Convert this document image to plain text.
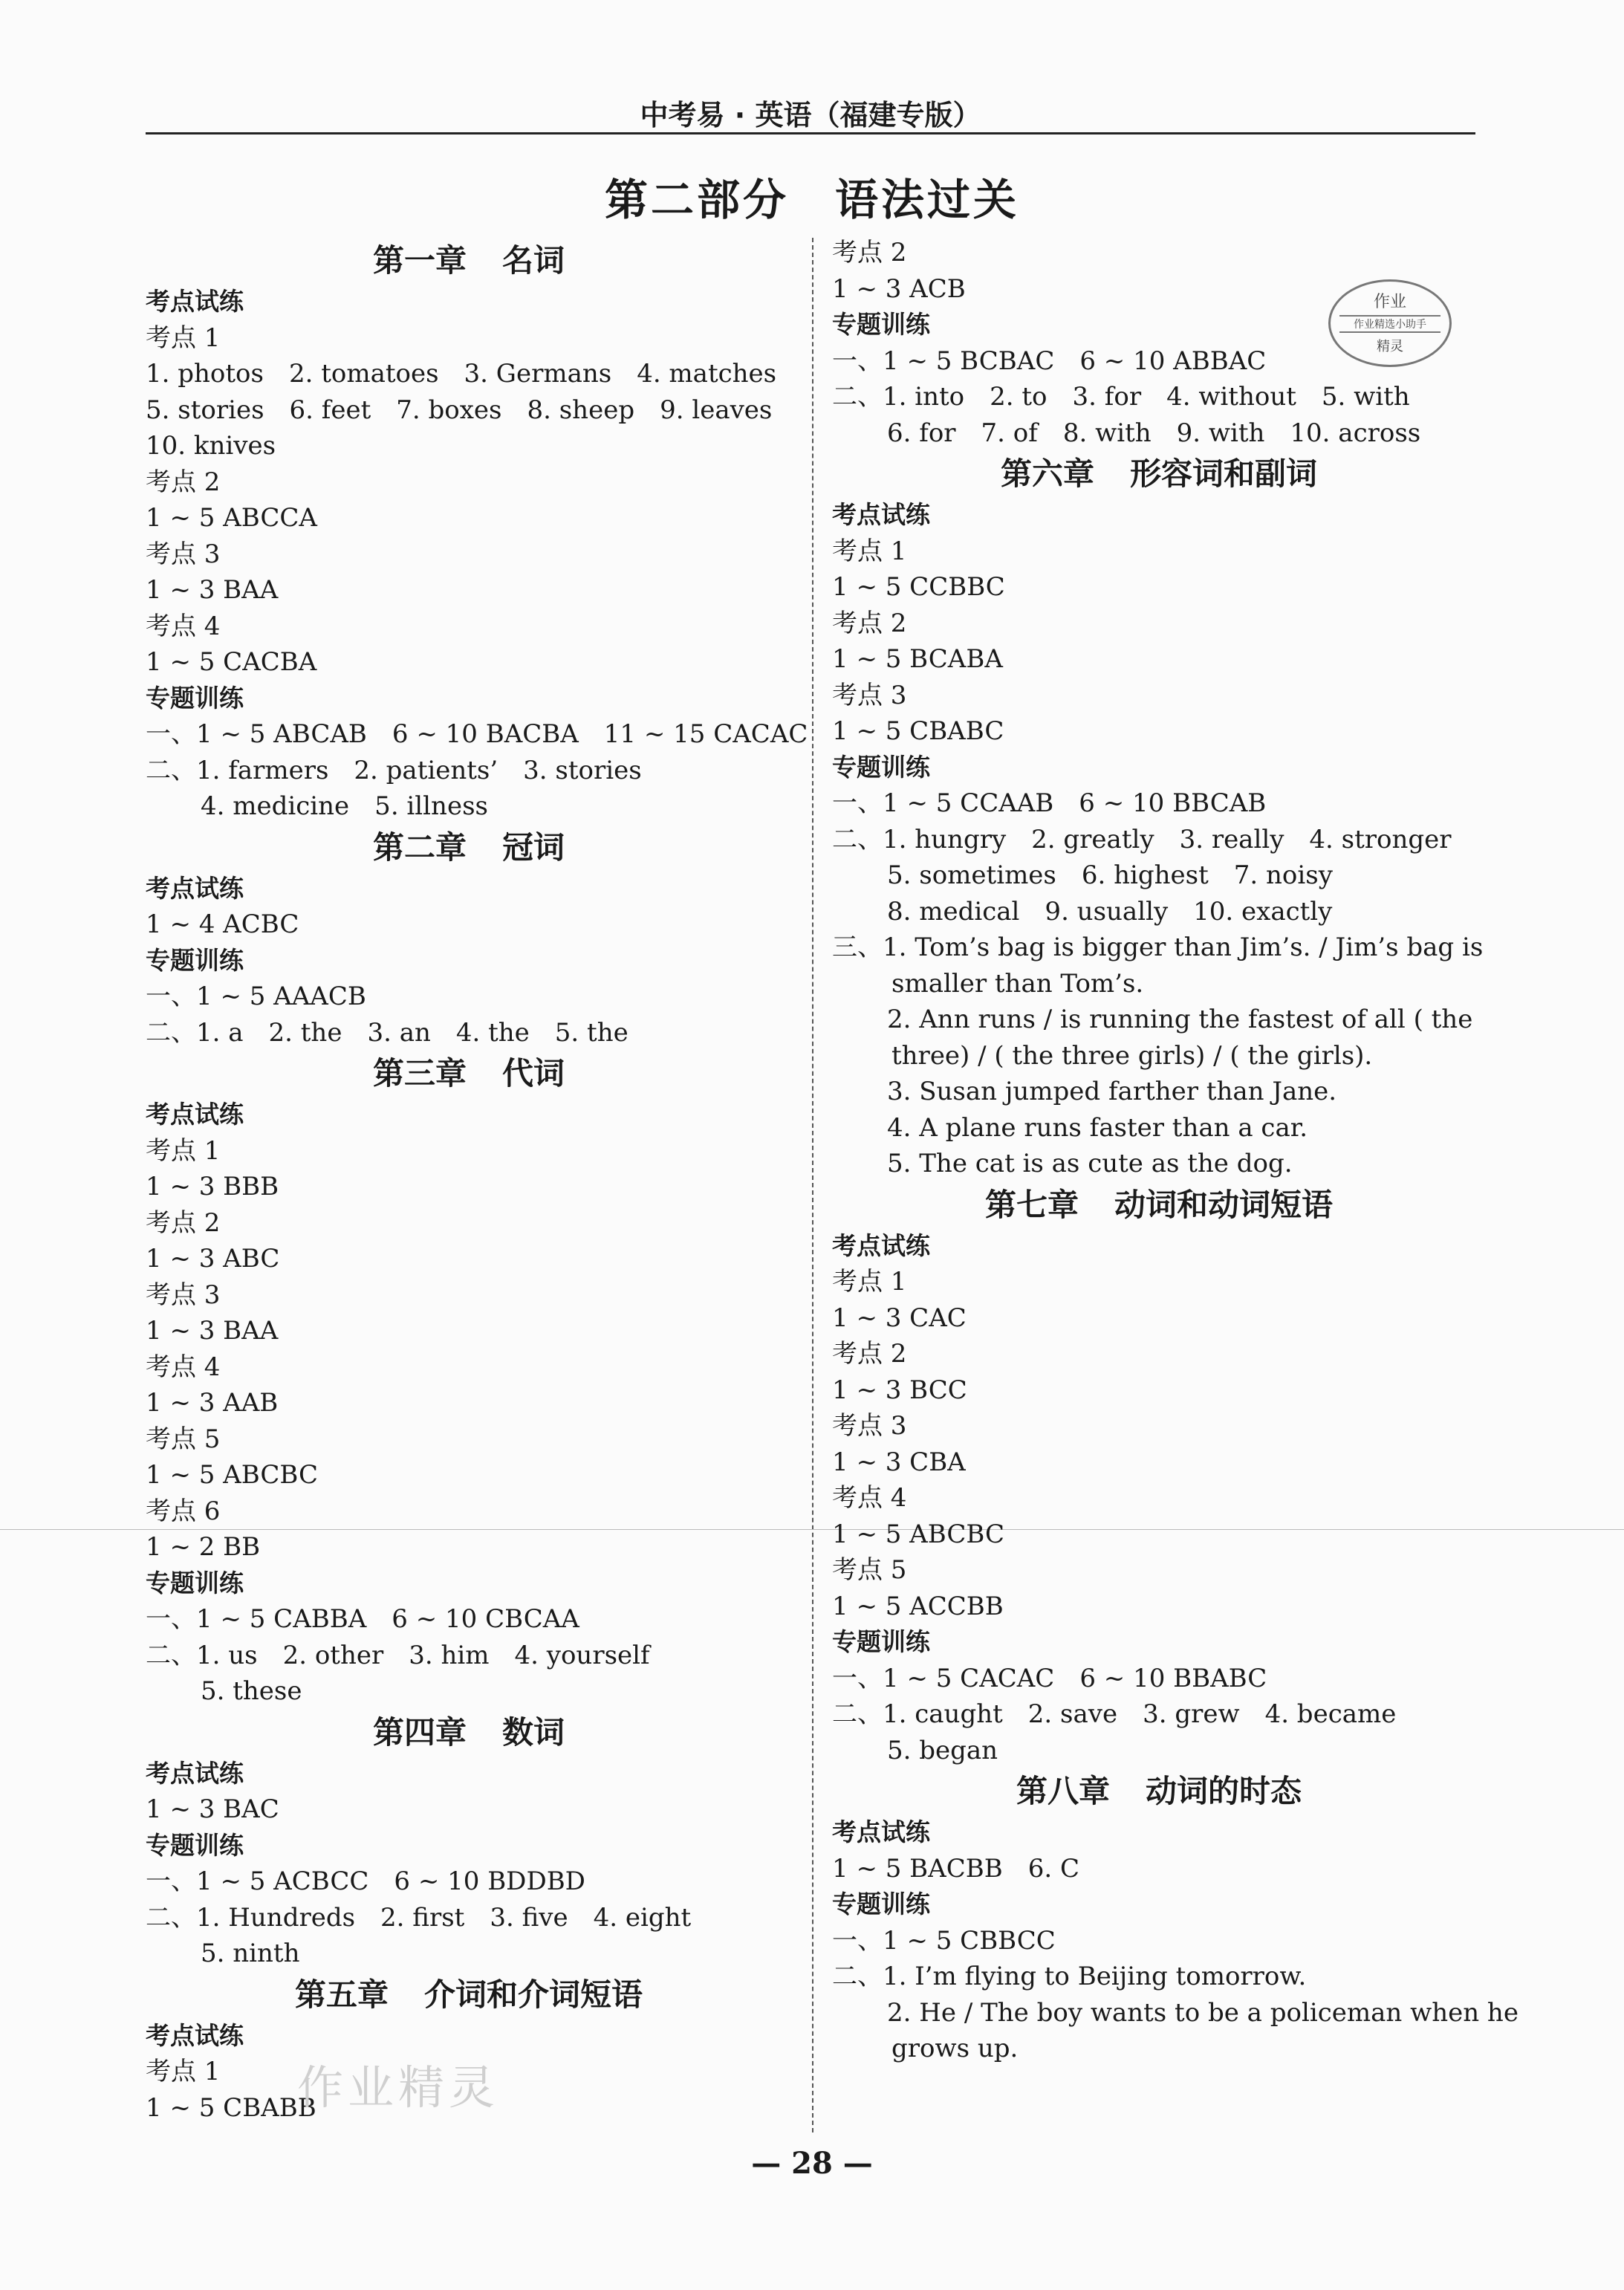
中考易 · 英语（福建专版）
第二部分　语法过关
作业
作业精选小助手
精灵
第一章 名词
考点试练
考点 1
1. photos　2. tomatoes　3. Germans　4. matches
5. stories　6. feet　7. boxes　8. sheep　9. leaves
10. knives
考点 2
1 ~ 5 ABCCA
考点 3
1 ~ 3 BAA
考点 4
1 ~ 5 CACBA
专题训练
一、1 ~ 5 ABCAB　6 ~ 10 BACBA　11 ~ 15 CACAC
二、1. farmers　2. patients’　3. stories
4. medicine　5. illness
第二章 冠词
考点试练
1 ~ 4 ACBC
专题训练
一、1 ~ 5 AAACB
二、1. a　2. the　3. an　4. the　5. the
第三章 代词
考点试练
考点 1
1 ~ 3 BBB
考点 2
1 ~ 3 ABC
考点 3
1 ~ 3 BAA
考点 4
1 ~ 3 AAB
考点 5
1 ~ 5 ABCBC
考点 6
1 ~ 2 BB
专题训练
一、1 ~ 5 CABBA　6 ~ 10 CBCAA
二、1. us　2. other　3. him　4. yourself
5. these
第四章 数词
考点试练
1 ~ 3 BAC
专题训练
一、1 ~ 5 ACBCC　6 ~ 10 BDDBD
二、1. Hundreds　2. first　3. five　4. eight
5. ninth
第五章 介词和介词短语
考点试练
考点 1
1 ~ 5 CBABB
考点 2
1 ~ 3 ACB
专题训练
一、1 ~ 5 BCBAC　6 ~ 10 ABBAC
二、1. into　2. to　3. for　4. without　5. with
6. for　7. of　8. with　9. with　10. across
第六章 形容词和副词
考点试练
考点 1
1 ~ 5 CCBBC
考点 2
1 ~ 5 BCABA
考点 3
1 ~ 5 CBABC
专题训练
一、1 ~ 5 CCAAB　6 ~ 10 BBCAB
二、1. hungry　2. greatly　3. really　4. stronger
5. sometimes　6. highest　7. noisy
8. medical　9. usually　10. exactly
三、1. Tom’s bag is bigger than Jim’s. / Jim’s bag is
smaller than Tom’s.
2. Ann runs / is running the fastest of all ( the
three) / ( the three girls) / ( the girls).
3. Susan jumped farther than Jane.
4. A plane runs faster than a car.
5. The cat is as cute as the dog.
第七章 动词和动词短语
考点试练
考点 1
1 ~ 3 CAC
考点 2
1 ~ 3 BCC
考点 3
1 ~ 3 CBA
考点 4
1 ~ 5 ABCBC
考点 5
1 ~ 5 ACCBB
专题训练
一、1 ~ 5 CACAC　6 ~ 10 BBABC
二、1. caught　2. save　3. grew　4. became
5. began
第八章 动词的时态
考点试练
1 ~ 5 BACBB　6. C
专题训练
一、1 ~ 5 CBBCC
二、1. I’m flying to Beijing tomorrow.
2. He / The boy wants to be a policeman when he
grows up.
作业精灵
— 28 —
